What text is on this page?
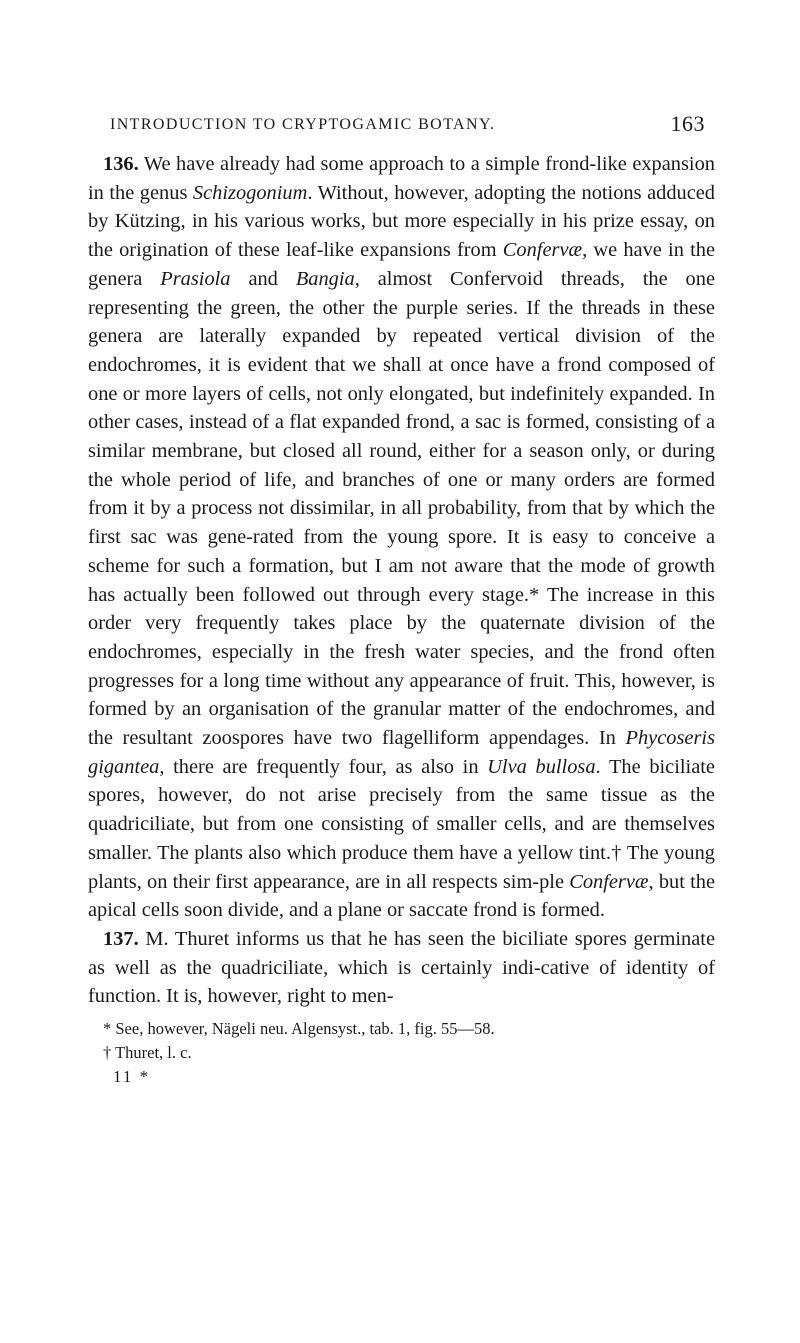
INTRODUCTION TO CRYPTOGAMIC BOTANY.	163

136. We have already had some approach to a simple frond-like expansion in the genus Schizogonium. Without, however, adopting the notions adduced by Kützing, in his various works, but more especially in his prize essay, on the origination of these leaf-like expansions from Confervæ, we have in the genera Prasiola and Bangia, almost Confervoid threads, the one representing the green, the other the purple series. If the threads in these genera are laterally expanded by repeated vertical division of the endochromes, it is evident that we shall at once have a frond composed of one or more layers of cells, not only elongated, but indefinitely expanded. In other cases, instead of a flat expanded frond, a sac is formed, consisting of a similar membrane, but closed all round, either for a season only, or during the whole period of life, and branches of one or many orders are formed from it by a process not dissimilar, in all probability, from that by which the first sac was gene-rated from the young spore. It is easy to conceive a scheme for such a formation, but I am not aware that the mode of growth has actually been followed out through every stage.* The increase in this order very frequently takes place by the quaternate division of the endochromes, especially in the fresh water species, and the frond often progresses for a long time without any appearance of fruit. This, however, is formed by an organisation of the granular matter of the endochromes, and the resultant zoospores have two flagelliform appendages. In Phycoseris gigantea, there are frequently four, as also in Ulva bullosa. The biciliate spores, however, do not arise precisely from the same tissue as the quadriciliate, but from one consisting of smaller cells, and are themselves smaller. The plants also which produce them have a yellow tint.† The young plants, on their first appearance, are in all respects sim-ple Confervæ, but the apical cells soon divide, and a plane or saccate frond is formed.

137. M. Thuret informs us that he has seen the biciliate spores germinate as well as the quadriciliate, which is certainly indi-cative of identity of function. It is, however, right to men-

* See, however, Nägeli neu. Algensyst., tab. 1, fig. 55—58.

† Thuret, l. c.

11 *
